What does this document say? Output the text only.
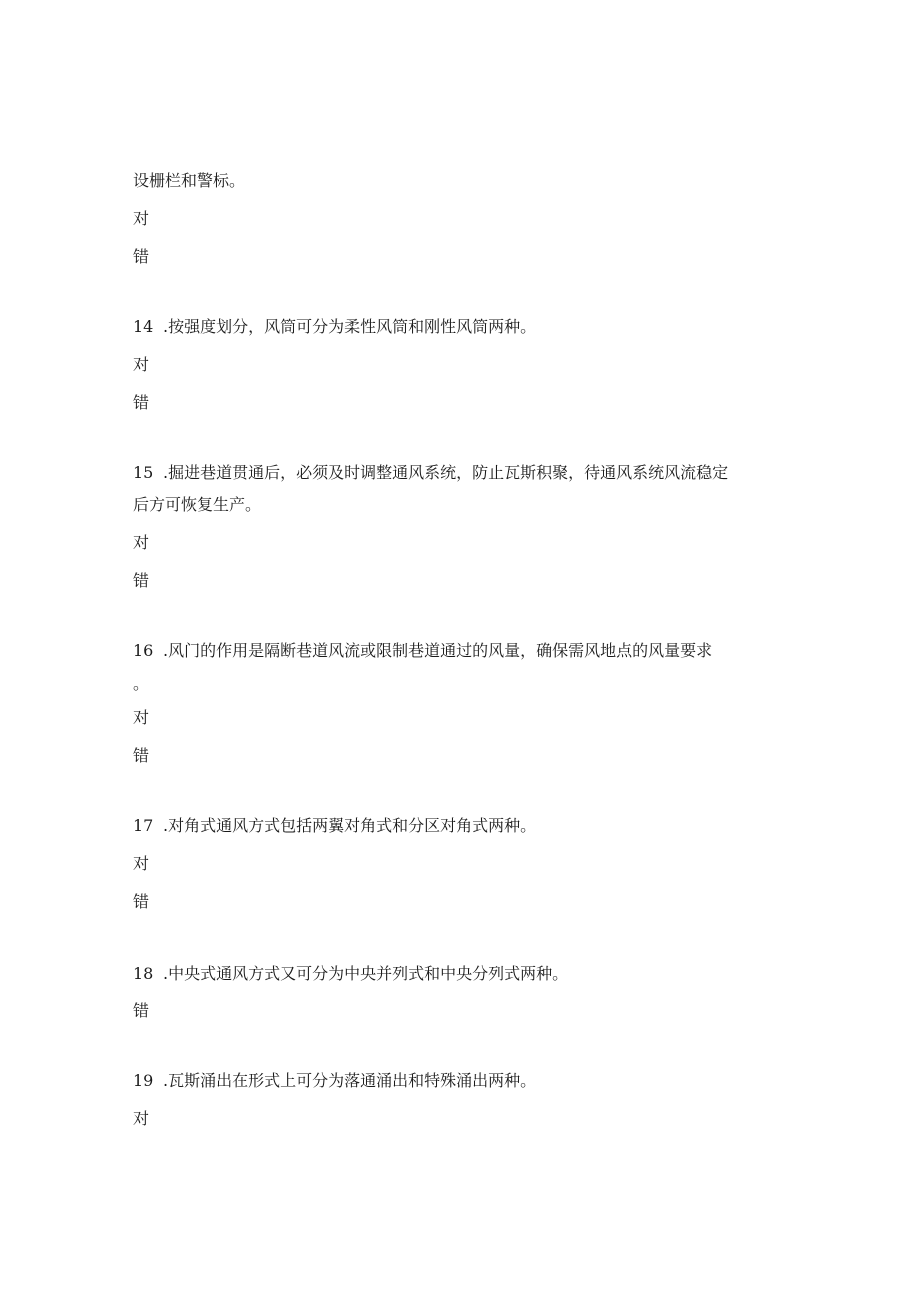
设栅栏和警标。
对
错
14 .按强度划分，风筒可分为柔性风筒和刚性风筒两种。
对
错
15 .掘进巷道贯通后，必须及时调整通风系统，防止瓦斯积聚，待通风系统风流稳定
后方可恢复生产。
对
错
16 .风门的作用是隔断巷道风流或限制巷道通过的风量，确保需风地点的风量要求
。
对
错
17 .对角式通风方式包括两翼对角式和分区对角式两种。
对
错
18 .中央式通风方式又可分为中央并列式和中央分列式两种。
错
19 .瓦斯涌出在形式上可分为落通涌出和特殊涌出两种。
对
